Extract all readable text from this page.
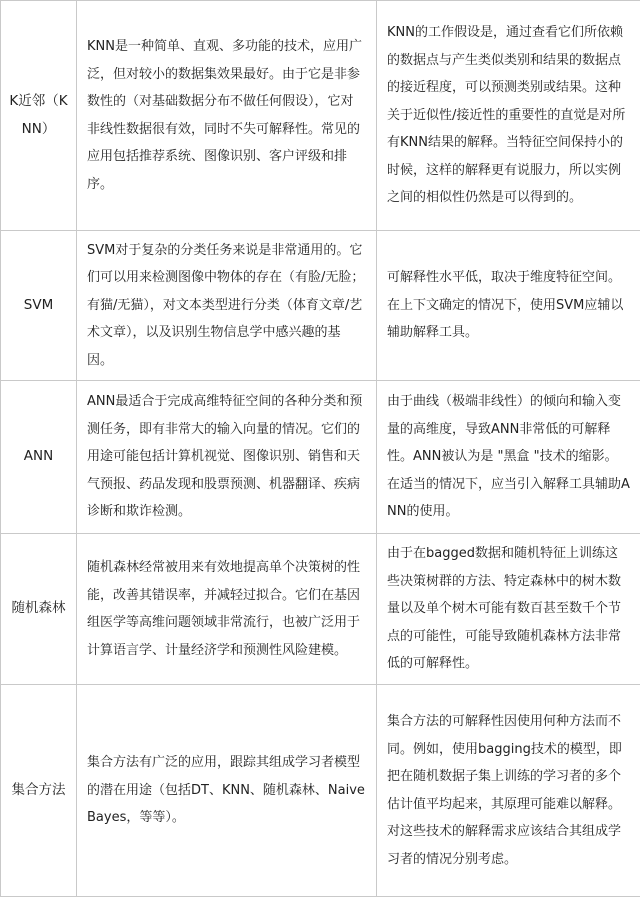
K近邻（KNN）	KNN是一种简单、直观、多功能的技术，应用广泛，但对较小的数据集效果最好。由于它是非参数性的（对基础数据分布不做任何假设），它对非线性数据很有效，同时不失可解释性。常见的应用包括推荐系统、图像识别、客户评级和排序。	KNN的工作假设是，通过查看它们所依赖的数据点与产生类似类别和结果的数据点的接近程度，可以预测类别或结果。这种关于近似性/接近性的重要性的直觉是对所有KNN结果的解释。当特征空间保持小的时候，这样的解释更有说服力，所以实例之间的相似性仍然是可以得到的。
SVM	SVM对于复杂的分类任务来说是非常通用的。它们可以用来检测图像中物体的存在（有脸/无脸；有猫/无猫），对文本类型进行分类（体育文章/艺术文章），以及识别生物信息学中感兴趣的基因。	可解释性水平低，取决于维度特征空间。在上下文确定的情况下，使用SVM应辅以辅助解释工具。
ANN	ANN最适合于完成高维特征空间的各种分类和预测任务，即有非常大的输入向量的情况。它们的用途可能包括计算机视觉、图像识别、销售和天气预报、药品发现和股票预测、机器翻译、疾病诊断和欺诈检测。	由于曲线（极端非线性）的倾向和输入变量的高维度，导致ANN非常低的可解释性。ANN被认为是 "黑盒 "技术的缩影。在适当的情况下，应当引入解释工具辅助ANN的使用。
随机森林	随机森林经常被用来有效地提高单个决策树的性能，改善其错误率，并减轻过拟合。它们在基因组医学等高维问题领域非常流行，也被广泛用于计算语言学、计量经济学和预测性风险建模。	由于在bagged数据和随机特征上训练这些决策树群的方法、特定森林中的树木数量以及单个树木可能有数百甚至数千个节点的可能性，可能导致随机森林方法非常低的可解释性。
集合方法	集合方法有广泛的应用，跟踪其组成学习者模型的潜在用途（包括DT、KNN、随机森林、NaiveBayes，等等）。	集合方法的可解释性因使用何种方法而不同。例如，使用bagging技术的模型，即把在随机数据子集上训练的学习者的多个估计值平均起来，其原理可能难以解释。对这些技术的解释需求应该结合其组成学习者的情况分别考虑。
